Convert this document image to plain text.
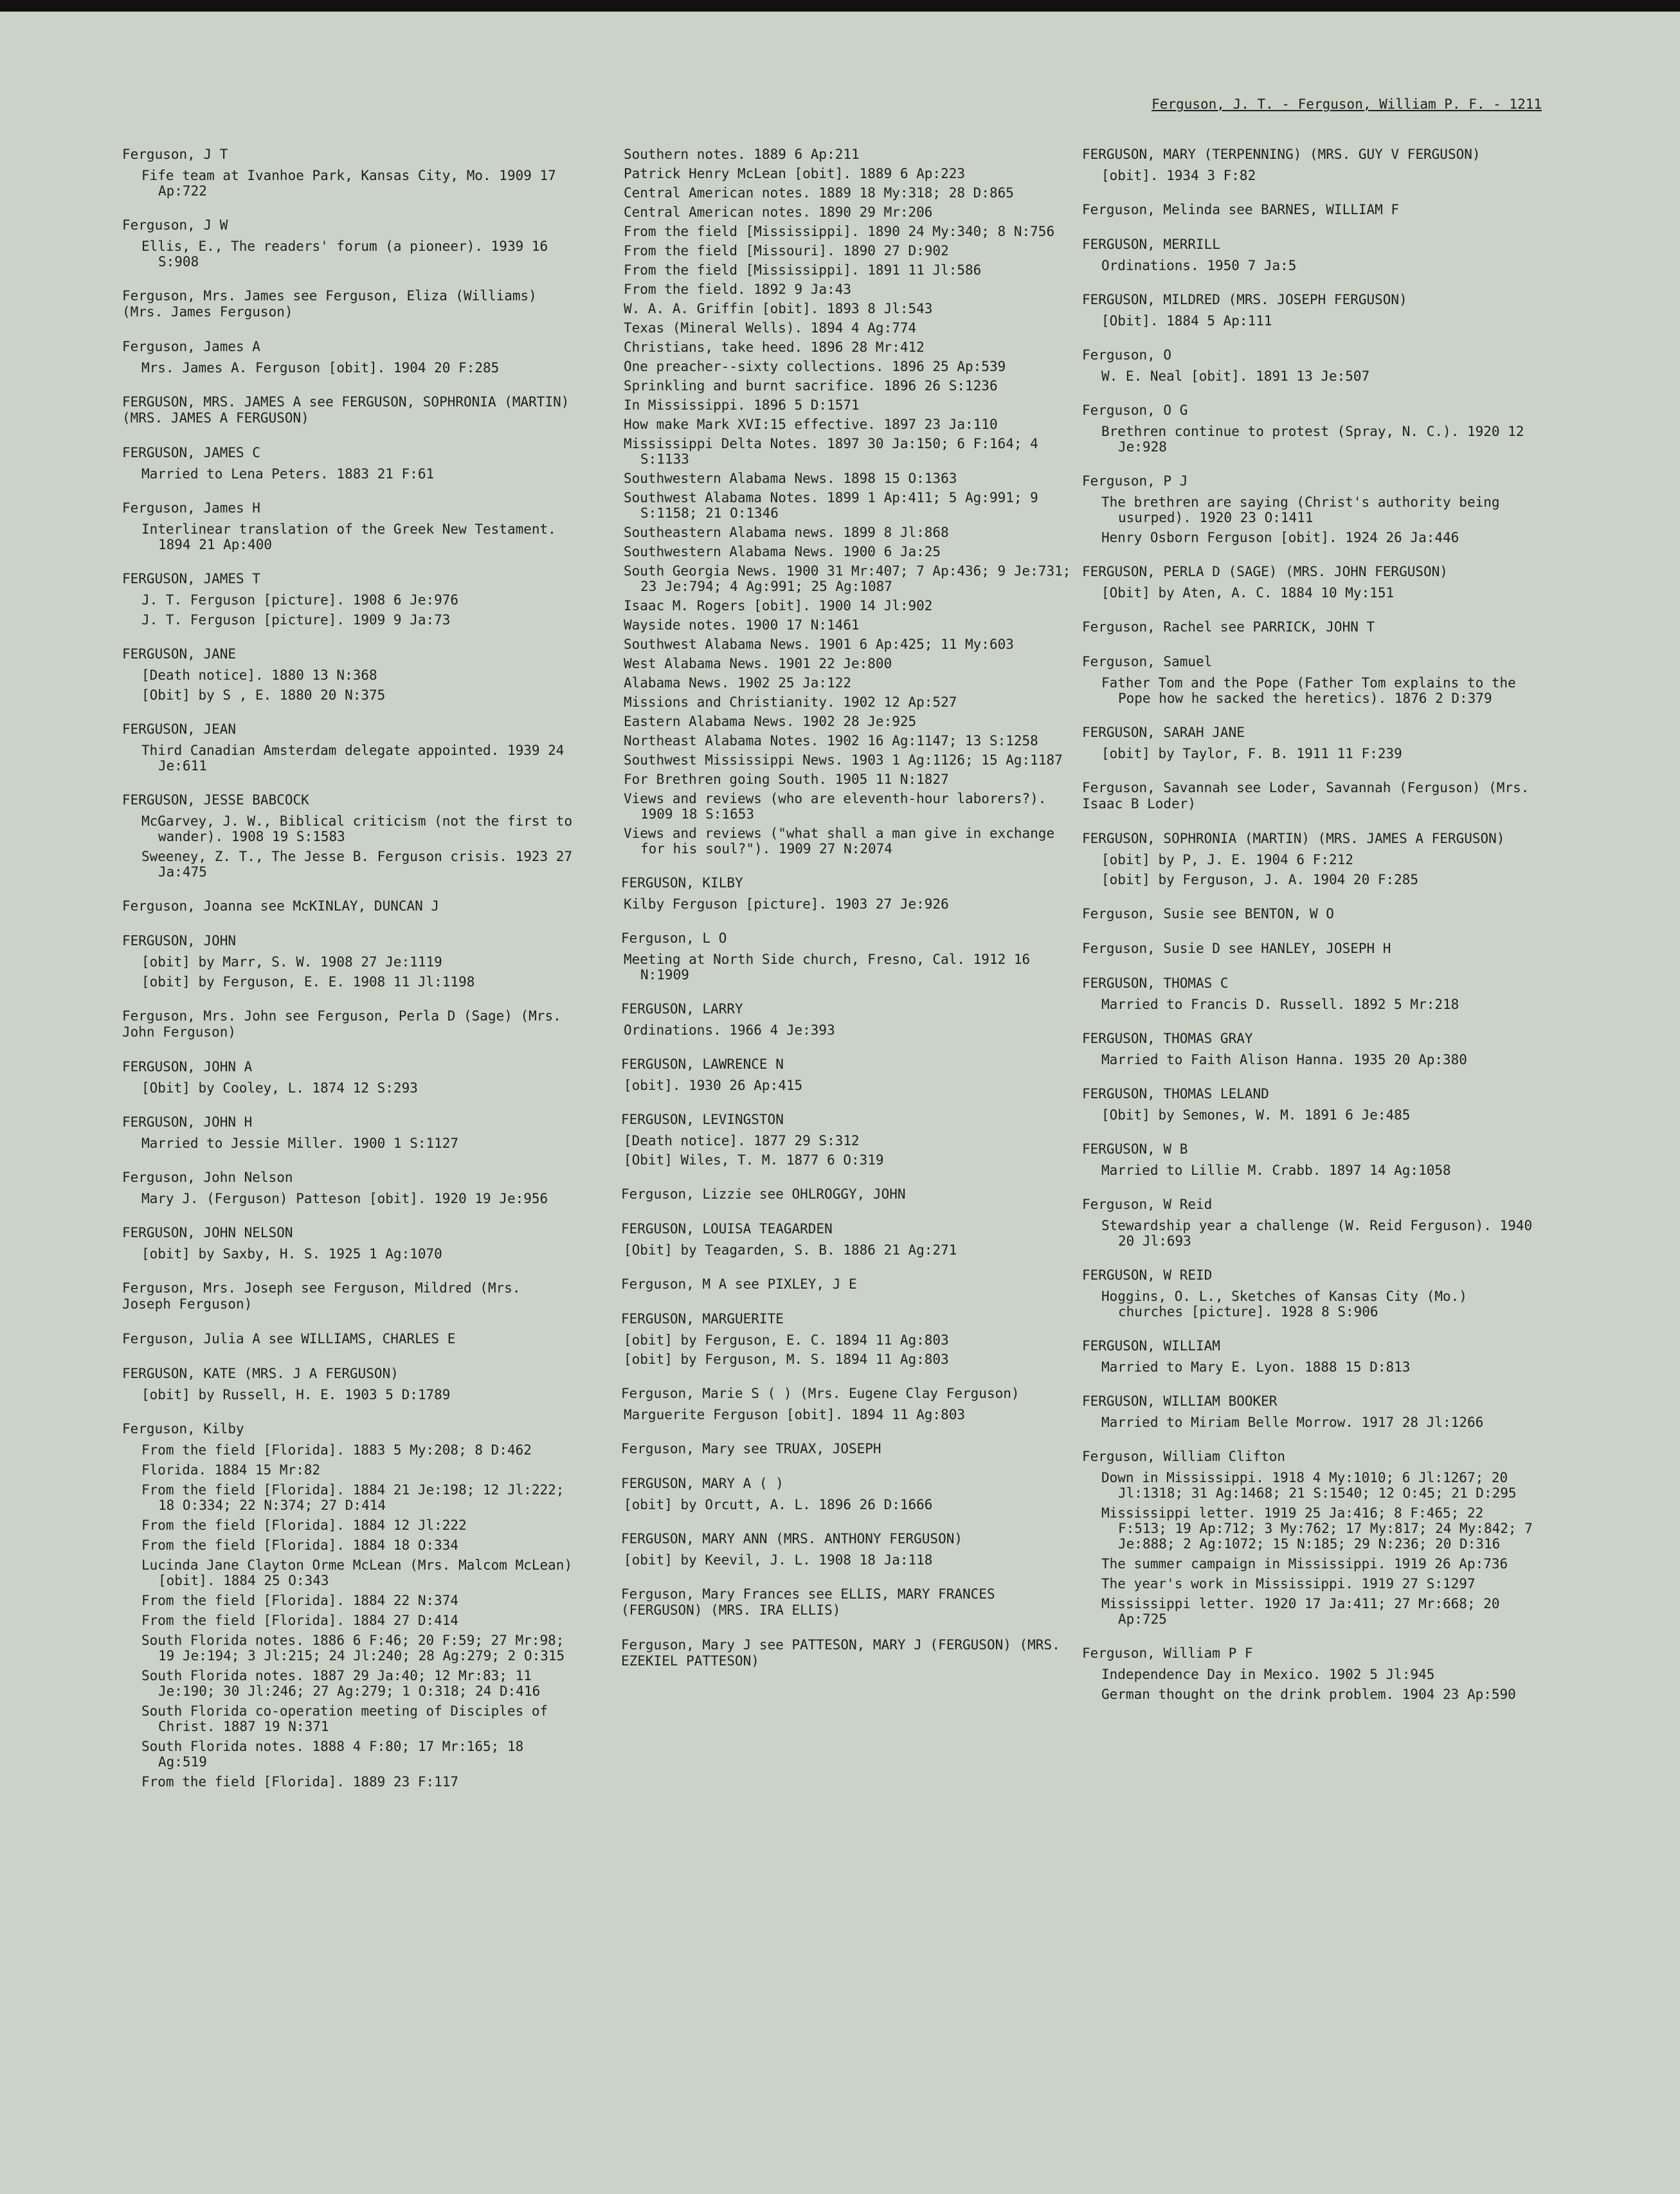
Ferguson, J. T. - Ferguson, William P. F. - 1211
Ferguson, J T
Fife team at Ivanhoe Park, Kansas City, Mo. 1909 17 Ap:722
Ferguson, J W
Ellis, E., The readers' forum (a pioneer). 1939 16 S:908
Ferguson, Mrs. James see Ferguson, Eliza (Williams) (Mrs. James Ferguson)
Ferguson, James A
Mrs. James A. Ferguson [obit]. 1904 20 F:285
FERGUSON, MRS. JAMES A see FERGUSON, SOPHRONIA (MARTIN) (MRS. JAMES A FERGUSON)
FERGUSON, JAMES C
Married to Lena Peters. 1883 21 F:61
Ferguson, James H
Interlinear translation of the Greek New Testament. 1894 21 Ap:400
FERGUSON, JAMES T
J. T. Ferguson [picture]. 1908 6 Je:976
J. T. Ferguson [picture]. 1909 9 Ja:73
FERGUSON, JANE
[Death notice]. 1880 13 N:368
[Obit] by S , E. 1880 20 N:375
FERGUSON, JEAN
Third Canadian Amsterdam delegate appointed. 1939 24 Je:611
FERGUSON, JESSE BABCOCK
McGarvey, J. W., Biblical criticism (not the first to wander). 1908 19 S:1583
Sweeney, Z. T., The Jesse B. Ferguson crisis. 1923 27 Ja:475
Ferguson, Joanna see McKINLAY, DUNCAN J
FERGUSON, JOHN
[obit] by Marr, S. W. 1908 27 Je:1119
[obit] by Ferguson, E. E. 1908 11 Jl:1198
Ferguson, Mrs. John see Ferguson, Perla D (Sage) (Mrs. John Ferguson)
FERGUSON, JOHN A
[Obit] by Cooley, L. 1874 12 S:293
FERGUSON, JOHN H
Married to Jessie Miller. 1900 1 S:1127
Ferguson, John Nelson
Mary J. (Ferguson) Patteson [obit]. 1920 19 Je:956
FERGUSON, JOHN NELSON
[obit] by Saxby, H. S. 1925 1 Ag:1070
Ferguson, Mrs. Joseph see Ferguson, Mildred (Mrs. Joseph Ferguson)
Ferguson, Julia A see WILLIAMS, CHARLES E
FERGUSON, KATE (MRS. J A FERGUSON)
[obit] by Russell, H. E. 1903 5 D:1789
Ferguson, Kilby
From the field [Florida]. 1883 5 My:208; 8 D:462
Florida. 1884 15 Mr:82
From the field [Florida]. 1884 21 Je:198; 12 Jl:222; 18 O:334; 22 N:374; 27 D:414
From the field [Florida]. 1884 12 Jl:222
From the field [Florida]. 1884 18 O:334
Lucinda Jane Clayton Orme McLean (Mrs. Malcom McLean) [obit]. 1884 25 O:343
From the field [Florida]. 1884 22 N:374
From the field [Florida]. 1884 27 D:414
South Florida notes. 1886 6 F:46; 20 F:59; 27 Mr:98; 19 Je:194; 3 Jl:215; 24 Jl:240; 28 Ag:279; 2 O:315
South Florida notes. 1887 29 Ja:40; 12 Mr:83; 11 Je:190; 30 Jl:246; 27 Ag:279; 1 O:318; 24 D:416
South Florida co-operation meeting of Disciples of Christ. 1887 19 N:371
South Florida notes. 1888 4 F:80; 17 Mr:165; 18 Ag:519
From the field [Florida]. 1889 23 F:117
Southern notes. 1889 6 Ap:211
Patrick Henry McLean [obit]. 1889 6 Ap:223
Central American notes. 1889 18 My:318; 28 D:865
Central American notes. 1890 29 Mr:206
From the field [Mississippi]. 1890 24 My:340; 8 N:756
From the field [Missouri]. 1890 27 D:902
From the field [Mississippi]. 1891 11 Jl:586
From the field. 1892 9 Ja:43
W. A. A. Griffin [obit]. 1893 8 Jl:543
Texas (Mineral Wells). 1894 4 Ag:774
Christians, take heed. 1896 28 Mr:412
One preacher--sixty collections. 1896 25 Ap:539
Sprinkling and burnt sacrifice. 1896 26 S:1236
In Mississippi. 1896 5 D:1571
How make Mark XVI:15 effective. 1897 23 Ja:110
Mississippi Delta Notes. 1897 30 Ja:150; 6 F:164; 4 S:1133
Southwestern Alabama News. 1898 15 O:1363
Southwest Alabama Notes. 1899 1 Ap:411; 5 Ag:991; 9 S:1158; 21 O:1346
Southeastern Alabama news. 1899 8 Jl:868
Southwestern Alabama News. 1900 6 Ja:25
South Georgia News. 1900 31 Mr:407; 7 Ap:436; 9 Je:731; 23 Je:794; 4 Ag:991; 25 Ag:1087
Isaac M. Rogers [obit]. 1900 14 Jl:902
Wayside notes. 1900 17 N:1461
Southwest Alabama News. 1901 6 Ap:425; 11 My:603
West Alabama News. 1901 22 Je:800
Alabama News. 1902 25 Ja:122
Missions and Christianity. 1902 12 Ap:527
Eastern Alabama News. 1902 28 Je:925
Northeast Alabama Notes. 1902 16 Ag:1147; 13 S:1258
Southwest Mississippi News. 1903 1 Ag:1126; 15 Ag:1187
For Brethren going South. 1905 11 N:1827
Views and reviews (who are eleventh-hour laborers?). 1909 18 S:1653
Views and reviews ("what shall a man give in exchange for his soul?"). 1909 27 N:2074
FERGUSON, KILBY
Kilby Ferguson [picture]. 1903 27 Je:926
Ferguson, L O
Meeting at North Side church, Fresno, Cal. 1912 16 N:1909
FERGUSON, LARRY
Ordinations. 1966 4 Je:393
FERGUSON, LAWRENCE N
[obit]. 1930 26 Ap:415
FERGUSON, LEVINGSTON
[Death notice]. 1877 29 S:312
[Obit] Wiles, T. M. 1877 6 O:319
Ferguson, Lizzie see OHLROGGY, JOHN
FERGUSON, LOUISA TEAGARDEN
[Obit] by Teagarden, S. B. 1886 21 Ag:271
Ferguson, M A see PIXLEY, J E
FERGUSON, MARGUERITE
[obit] by Ferguson, E. C. 1894 11 Ag:803
[obit] by Ferguson, M. S. 1894 11 Ag:803
Ferguson, Marie S ( ) (Mrs. Eugene Clay Ferguson)
Marguerite Ferguson [obit]. 1894 11 Ag:803
Ferguson, Mary see TRUAX, JOSEPH
FERGUSON, MARY A ( )
[obit] by Orcutt, A. L. 1896 26 D:1666
FERGUSON, MARY ANN (MRS. ANTHONY FERGUSON)
[obit] by Keevil, J. L. 1908 18 Ja:118
Ferguson, Mary Frances see ELLIS, MARY FRANCES (FERGUSON) (MRS. IRA ELLIS)
Ferguson, Mary J see PATTESON, MARY J (FERGUSON) (MRS. EZEKIEL PATTESON)
FERGUSON, MARY (TERPENNING) (MRS. GUY V FERGUSON)
[obit]. 1934 3 F:82
Ferguson, Melinda see BARNES, WILLIAM F
FERGUSON, MERRILL
Ordinations. 1950 7 Ja:5
FERGUSON, MILDRED (MRS. JOSEPH FERGUSON)
[Obit]. 1884 5 Ap:111
Ferguson, O
W. E. Neal [obit]. 1891 13 Je:507
Ferguson, O G
Brethren continue to protest (Spray, N. C.). 1920 12 Je:928
Ferguson, P J
The brethren are saying (Christ's authority being usurped). 1920 23 O:1411
Henry Osborn Ferguson [obit]. 1924 26 Ja:446
FERGUSON, PERLA D (SAGE) (MRS. JOHN FERGUSON)
[Obit] by Aten, A. C. 1884 10 My:151
Ferguson, Rachel see PARRICK, JOHN T
Ferguson, Samuel
Father Tom and the Pope (Father Tom explains to the Pope how he sacked the heretics). 1876 2 D:379
FERGUSON, SARAH JANE
[obit] by Taylor, F. B. 1911 11 F:239
Ferguson, Savannah see Loder, Savannah (Ferguson) (Mrs. Isaac B Loder)
FERGUSON, SOPHRONIA (MARTIN) (MRS. JAMES A FERGUSON)
[obit] by P, J. E. 1904 6 F:212
[obit] by Ferguson, J. A. 1904 20 F:285
Ferguson, Susie see BENTON, W O
Ferguson, Susie D see HANLEY, JOSEPH H
FERGUSON, THOMAS C
Married to Francis D. Russell. 1892 5 Mr:218
FERGUSON, THOMAS GRAY
Married to Faith Alison Hanna. 1935 20 Ap:380
FERGUSON, THOMAS LELAND
[Obit] by Semones, W. M. 1891 6 Je:485
FERGUSON, W B
Married to Lillie M. Crabb. 1897 14 Ag:1058
Ferguson, W Reid
Stewardship year a challenge (W. Reid Ferguson). 1940 20 Jl:693
FERGUSON, W REID
Hoggins, O. L., Sketches of Kansas City (Mo.) churches [picture]. 1928 8 S:906
FERGUSON, WILLIAM
Married to Mary E. Lyon. 1888 15 D:813
FERGUSON, WILLIAM BOOKER
Married to Miriam Belle Morrow. 1917 28 Jl:1266
Ferguson, William Clifton
Down in Mississippi. 1918 4 My:1010; 6 Jl:1267; 20 Jl:1318; 31 Ag:1468; 21 S:1540; 12 O:45; 21 D:295
Mississippi letter. 1919 25 Ja:416; 8 F:465; 22 F:513; 19 Ap:712; 3 My:762; 17 My:817; 24 My:842; 7 Je:888; 2 Ag:1072; 15 N:185; 29 N:236; 20 D:316
The summer campaign in Mississippi. 1919 26 Ap:736
The year's work in Mississippi. 1919 27 S:1297
Mississippi letter. 1920 17 Ja:411; 27 Mr:668; 20 Ap:725
Ferguson, William P F
Independence Day in Mexico. 1902 5 Jl:945
German thought on the drink problem. 1904 23 Ap:590
